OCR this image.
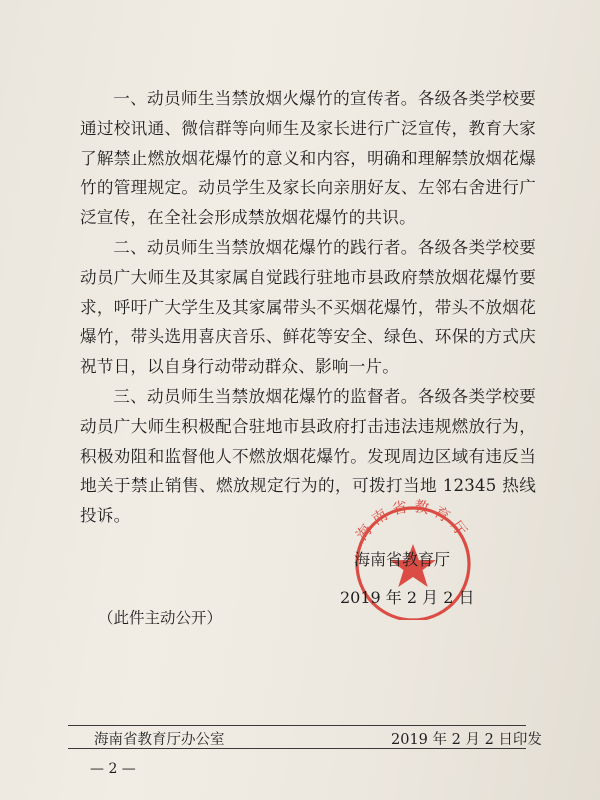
一、动员师生当禁放烟火爆竹的宣传者。各级各类学校要通过校讯通、微信群等向师生及家长进行广泛宣传，教育大家了解禁止燃放烟花爆竹的意义和内容，明确和理解禁放烟花爆竹的管理规定。动员学生及家长向亲朋好友、左邻右舍进行广泛宣传，在全社会形成禁放烟花爆竹的共识。

二、动员师生当禁放烟花爆竹的践行者。各级各类学校要动员广大师生及其家属自觉践行驻地市县政府禁放烟花爆竹要求，呼吁广大学生及其家属带头不买烟花爆竹，带头不放烟花爆竹，带头选用喜庆音乐、鲜花等安全、绿色、环保的方式庆祝节日，以自身行动带动群众、影响一片。

三、动员师生当禁放烟花爆竹的监督者。各级各类学校要动员广大师生积极配合驻地市县政府打击违法违规燃放行为，积极劝阻和监督他人不燃放烟花爆竹。发现周边区域有违反当地关于禁止销售、燃放规定行为的，可拨打当地 12345 热线投诉。

海南省教育厅
海南省教育厅
2019 年 2 月 2 日
（此件主动公开）
海南省教育厅办公室	2019 年 2 月 2 日印发
— 2 —
